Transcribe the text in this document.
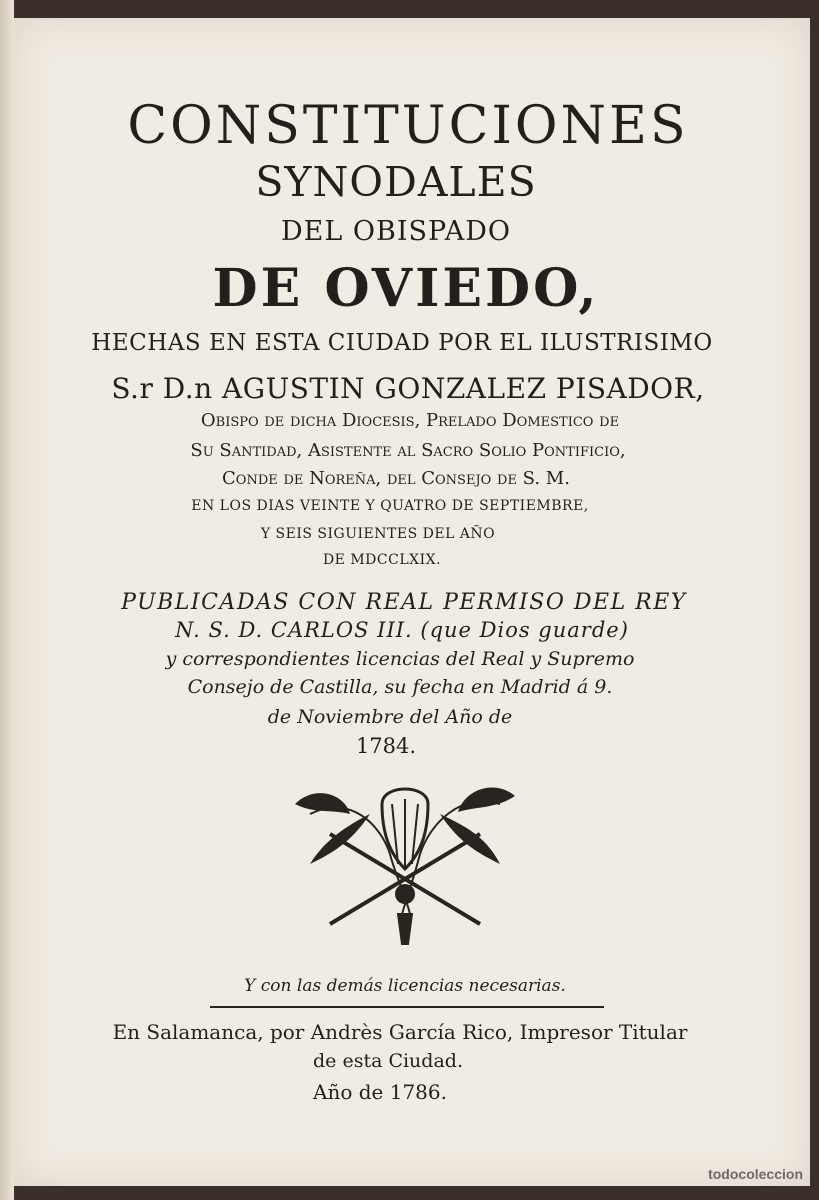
CONSTITUCIONES
SYNODALES
DEL OBISPADO
DE OVIEDO,
HECHAS EN ESTA CIUDAD POR EL ILUSTRISIMO
S.r D.n AGUSTIN GONZALEZ PISADOR,
Obispo de dicha Diocesis, Prelado Domestico de
Su Santidad, Asistente al Sacro Solio Pontificio,
Conde de Noreña, del Consejo de S. M.
EN LOS DIAS VEINTE Y QUATRO DE SEPTIEMBRE,
Y SEIS SIGUIENTES DEL AÑO
DE MDCCLXIX.
PUBLICADAS CON REAL PERMISO DEL REY
N. S. D. CARLOS III. (que Dios guarde)
y correspondientes licencias del Real y Supremo
Consejo de Castilla, su fecha en Madrid á 9.
de Noviembre del Año de
1784.
Y con las demás licencias necesarias.
En Salamanca, por Andrès García Rico, Impresor Titular
de esta Ciudad.
Año de 1786.
todocoleccion
